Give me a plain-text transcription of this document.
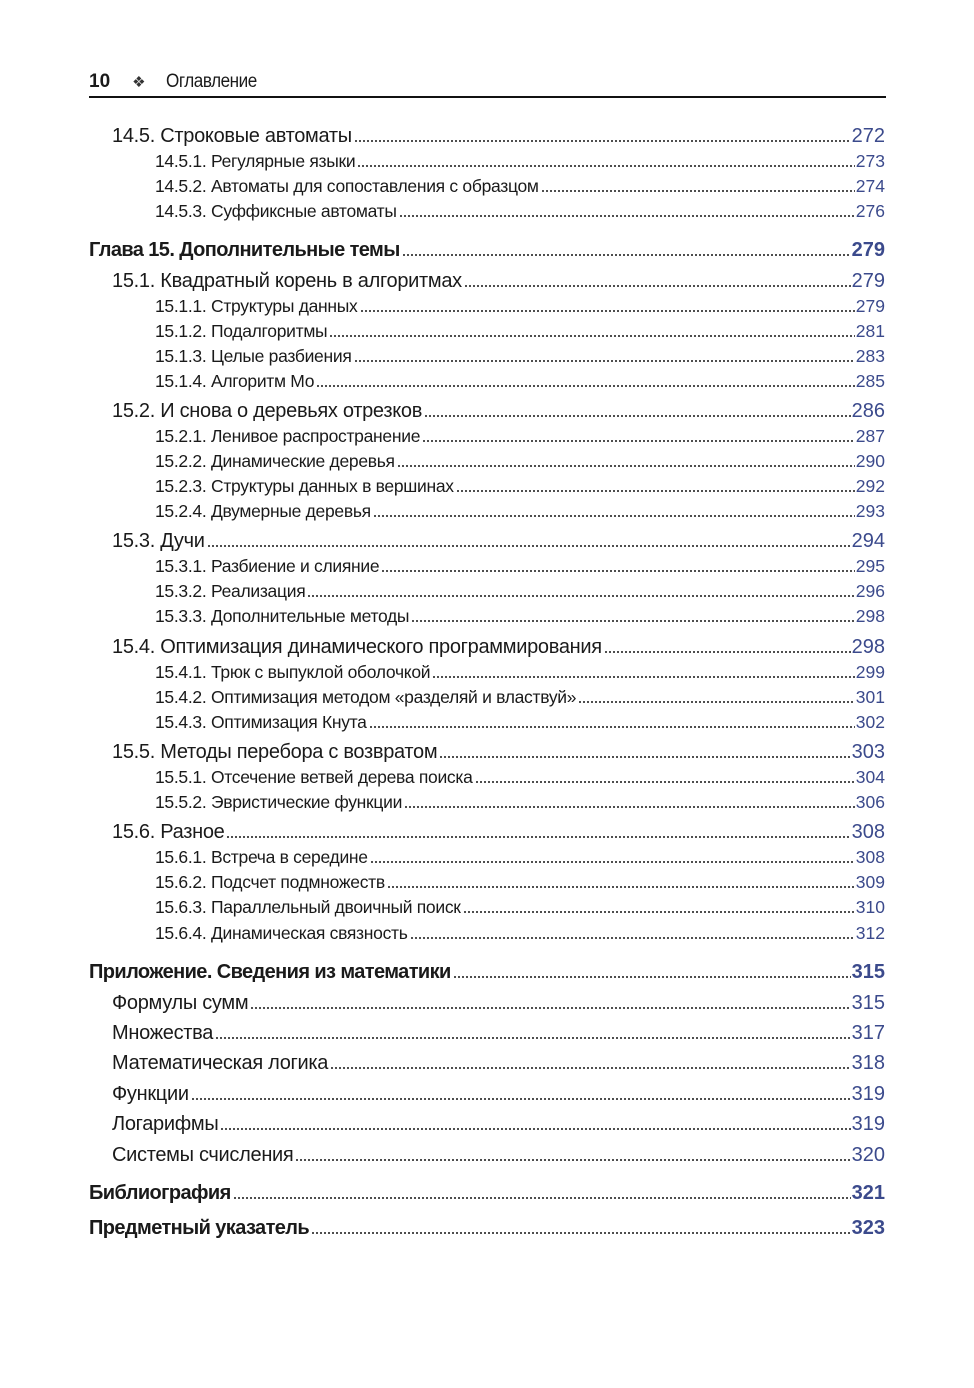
10 ❖ Оглавление
14.5. Строковые автоматы	272
14.5.1. Регулярные языки	273
14.5.2. Автоматы для сопоставления с образцом	274
14.5.3. Суффиксные автоматы	276
Глава 15. Дополнительные темы	279
15.1. Квадратный корень в алгоритмах	279
15.1.1. Структуры данных	279
15.1.2. Подалгоритмы	281
15.1.3. Целые разбиения	283
15.1.4. Алгоритм Мо	285
15.2. И снова о деревьях отрезков	286
15.2.1. Ленивое распространение	287
15.2.2. Динамические деревья	290
15.2.3. Структуры данных в вершинах	292
15.2.4. Двумерные деревья	293
15.3. Дучи	294
15.3.1. Разбиение и слияние	295
15.3.2. Реализация	296
15.3.3. Дополнительные методы	298
15.4. Оптимизация динамического программирования	298
15.4.1. Трюк с выпуклой оболочкой	299
15.4.2. Оптимизация методом «разделяй и властвуй»	301
15.4.3. Оптимизация Кнута	302
15.5. Методы перебора с возвратом	303
15.5.1. Отсечение ветвей дерева поиска	304
15.5.2. Эвристические функции	306
15.6. Разное	308
15.6.1. Встреча в середине	308
15.6.2. Подсчет подмножеств	309
15.6.3. Параллельный двоичный поиск	310
15.6.4. Динамическая связность	312
Приложение. Сведения из математики	315
Формулы сумм	315
Множества	317
Математическая логика	318
Функции	319
Логарифмы	319
Системы счисления	320
Библиография	321
Предметный указатель	323
